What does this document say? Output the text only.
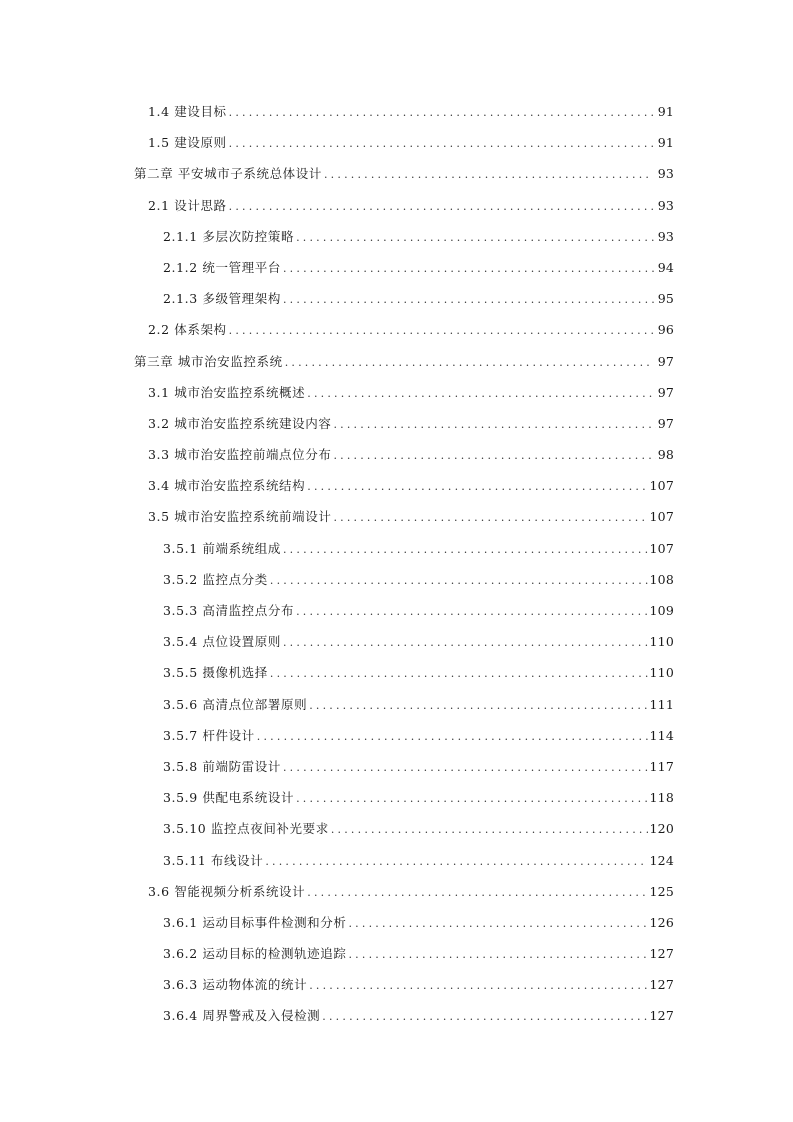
1.4 建设目标 .....	91
1.5 建设原则 .....	91
第二章 平安城市子系统总体设计 .....	93
2.1 设计思路 .....	93
2.1.1 多层次防控策略 .....	93
2.1.2 统一管理平台 .....	94
2.1.3 多级管理架构 .....	95
2.2 体系架构 .....	96
第三章 城市治安监控系统 .....	97
3.1 城市治安监控系统概述 .....	97
3.2 城市治安监控系统建设内容 .....	97
3.3 城市治安监控前端点位分布 .....	98
3.4 城市治安监控系统结构 .....	107
3.5 城市治安监控系统前端设计 .....	107
3.5.1 前端系统组成 .....	107
3.5.2 监控点分类 .....	108
3.5.3 高清监控点分布 .....	109
3.5.4 点位设置原则 .....	110
3.5.5 摄像机选择 .....	110
3.5.6 高清点位部署原则 .....	111
3.5.7 杆件设计 .....	114
3.5.8 前端防雷设计 .....	117
3.5.9 供配电系统设计 .....	118
3.5.10 监控点夜间补光要求 .....	120
3.5.11 布线设计 .....	124
3.6 智能视频分析系统设计 .....	125
3.6.1 运动目标事件检测和分析 .....	126
3.6.2 运动目标的检测轨迹追踪 .....	127
3.6.3 运动物体流的统计 .....	127
3.6.4 周界警戒及入侵检测 .....	127
